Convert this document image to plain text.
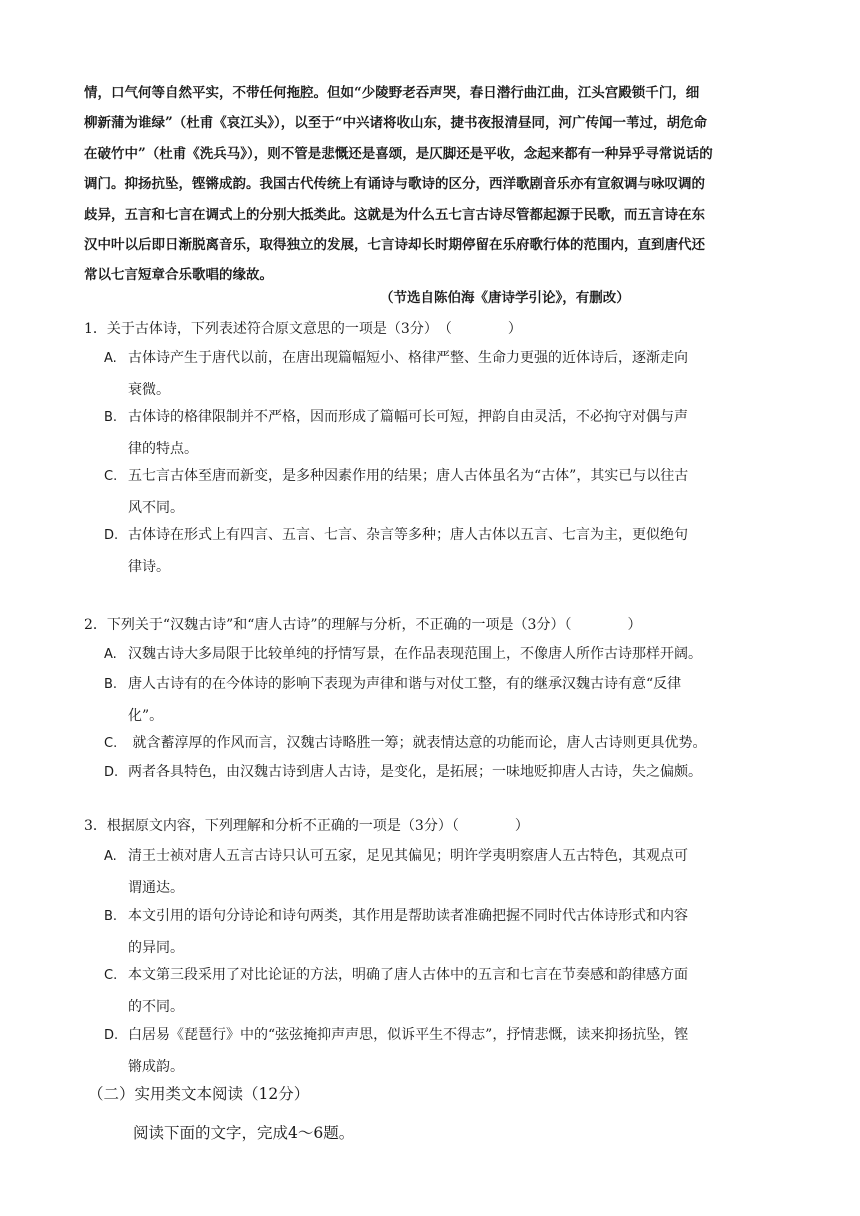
情，口气何等自然平实，不带任何拖腔。但如“少陵野老吞声哭，春日潜行曲江曲，江头宫殿锁千门，细

柳新蒲为谁绿”（杜甫《哀江头》），以至于“中兴诸将收山东，捷书夜报清昼同，河广传闻一苇过，胡危命

在破竹中”（杜甫《洗兵马》），则不管是悲慨还是喜颂，是仄脚还是平收，念起来都有一种异乎寻常说话的

调门。抑扬抗坠，铿锵成韵。我国古代传统上有诵诗与歌诗的区分，西洋歌剧音乐亦有宣叙调与咏叹调的

歧异，五言和七言在调式上的分别大抵类此。这就是为什么五七言古诗尽管都起源于民歌，而五言诗在东

汉中叶以后即日渐脱离音乐，取得独立的发展，七言诗却长时期停留在乐府歌行体的范围内，直到唐代还

常以七言短章合乐歌唱的缘故。

（节选自陈伯海《唐诗学引论》，有删改）
1．关于古体诗，下列表述符合原文意思的一项是（3分）　（　　　　）
A. 古体诗产生于唐代以前，在唐出现篇幅短小、格律严整、生命力更强的近体诗后，逐渐走向
衰微。
B. 古体诗的格律限制并不严格，因而形成了篇幅可长可短，押韵自由灵活，不必拘守对偶与声
律的特点。
C. 五七言古体至唐而新变，是多种因素作用的结果；唐人古体虽名为“古体”，其实已与以往古
风不同。
D. 古体诗在形式上有四言、五言、七言、杂言等多种；唐人古体以五言、七言为主，更似绝句
律诗。
2．下列关于“汉魏古诗”和“唐人古诗”的理解与分析，不正确的一项是（3分）（　　　　）
A. 汉魏古诗大多局限于比较单纯的抒情写景，在作品表现范围上，不像唐人所作古诗那样开阔。
B. 唐人古诗有的在今体诗的影响下表现为声律和谐与对仗工整，有的继承汉魏古诗有意“反律
化”。
C. 就含蓄淳厚的作风而言，汉魏古诗略胜一筹；就表情达意的功能而论，唐人古诗则更具优势。
D. 两者各具特色，由汉魏古诗到唐人古诗，是变化，是拓展；一味地贬抑唐人古诗，失之偏颇。
3．根据原文内容，下列理解和分析不正确的一项是（3分）（　　　　）
A. 清王士祯对唐人五言古诗只认可五家，足见其偏见；明许学夷明察唐人五古特色，其观点可
谓通达。
B. 本文引用的语句分诗论和诗句两类，其作用是帮助读者准确把握不同时代古体诗形式和内容
的异同。
C. 本文第三段采用了对比论证的方法，明确了唐人古体中的五言和七言在节奏感和韵律感方面
的不同。
D. 白居易《琵琶行》中的“弦弦掩抑声声思，似诉平生不得志”，抒情悲慨，读来抑扬抗坠，铿
锵成韵。
（二）实用类文本阅读（12分）
阅读下面的文字，完成4～6题。
